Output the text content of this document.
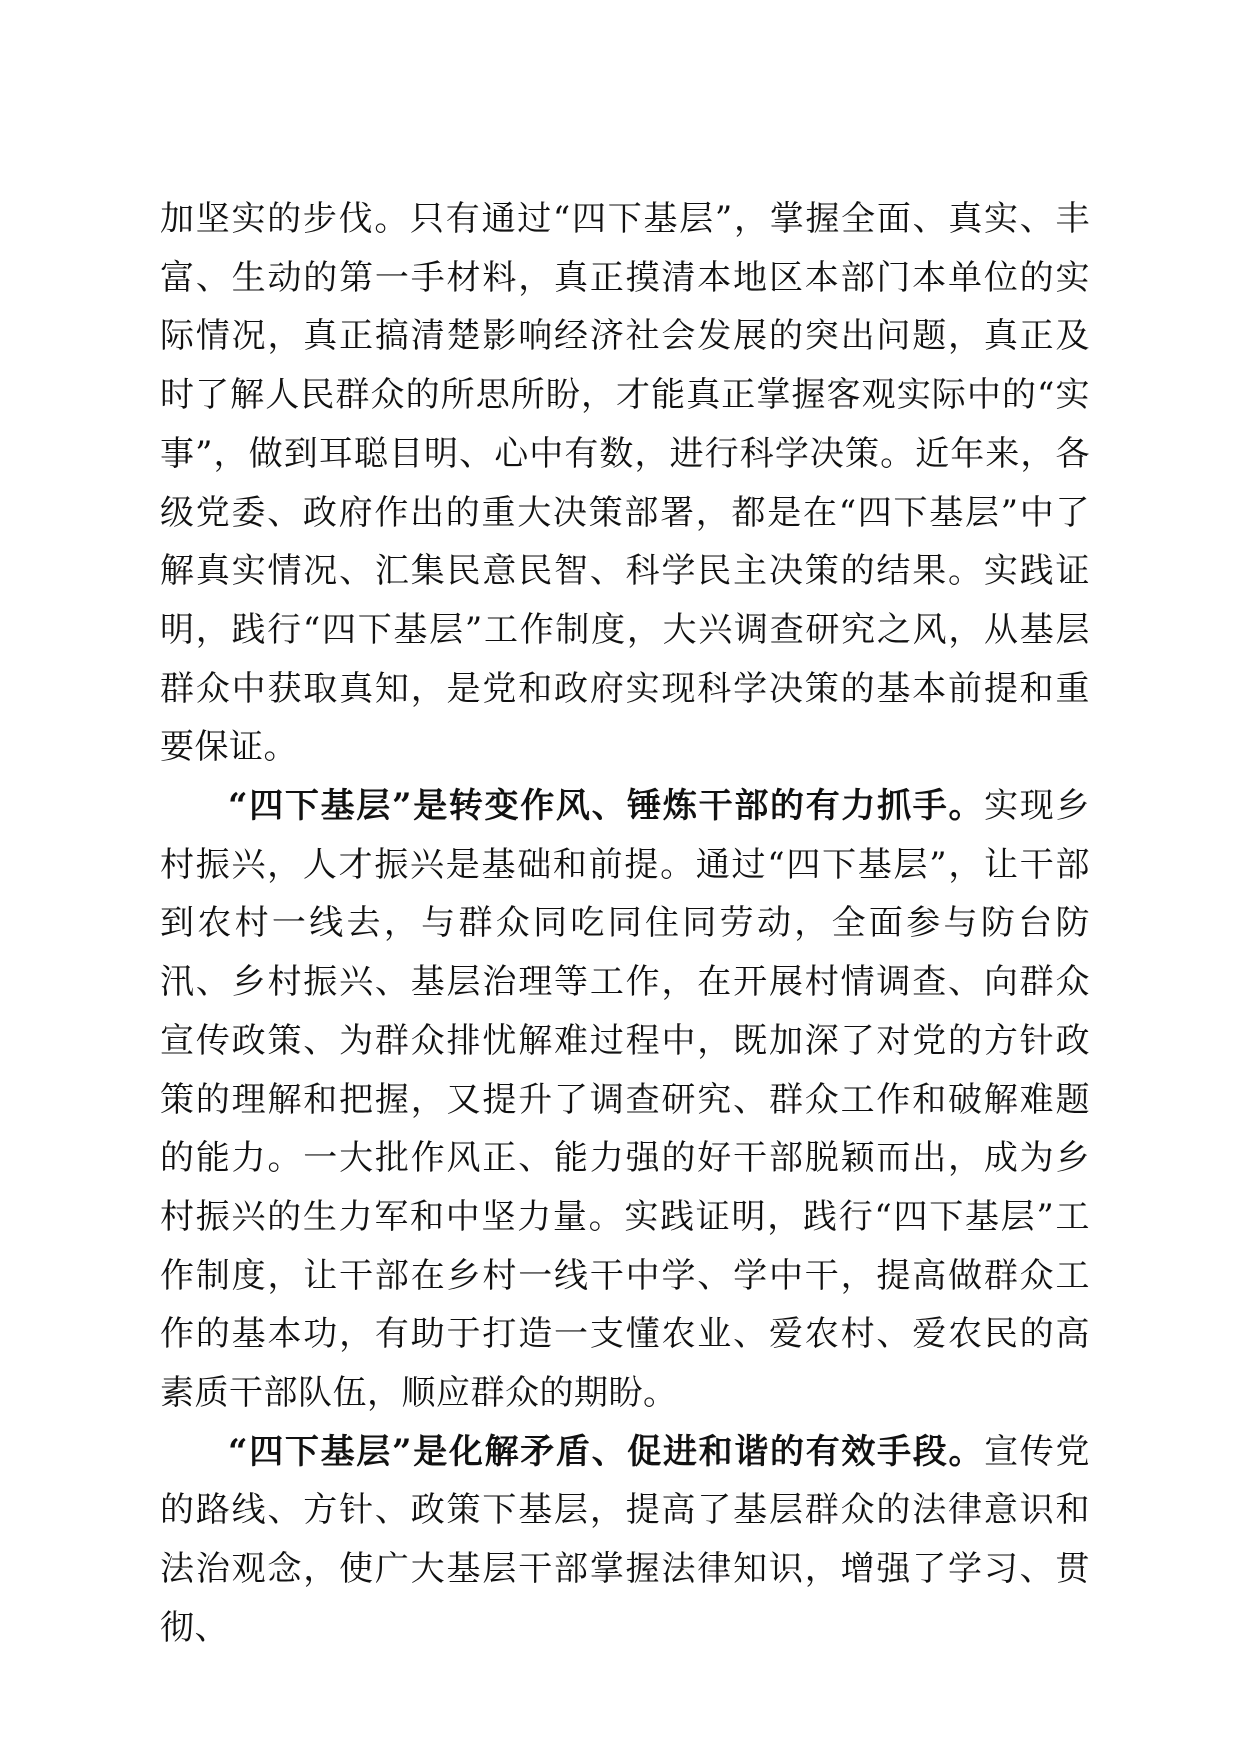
加坚实的步伐。只有通过“四下基层”，掌握全面、真实、丰富、生动的第一手材料，真正摸清本地区本部门本单位的实际情况，真正搞清楚影响经济社会发展的突出问题，真正及时了解人民群众的所思所盼，才能真正掌握客观实际中的“实事”，做到耳聪目明、心中有数，进行科学决策。近年来，各级党委、政府作出的重大决策部署，都是在“四下基层”中了解真实情况、汇集民意民智、科学民主决策的结果。实践证明，践行“四下基层”工作制度，大兴调查研究之风，从基层群众中获取真知，是党和政府实现科学决策的基本前提和重要保证。

“四下基层”是转变作风、锤炼干部的有力抓手。实现乡村振兴，人才振兴是基础和前提。通过“四下基层”，让干部到农村一线去，与群众同吃同住同劳动，全面参与防台防汛、乡村振兴、基层治理等工作，在开展村情调查、向群众宣传政策、为群众排忧解难过程中，既加深了对党的方针政策的理解和把握，又提升了调查研究、群众工作和破解难题的能力。一大批作风正、能力强的好干部脱颖而出，成为乡村振兴的生力军和中坚力量。实践证明，践行“四下基层”工作制度，让干部在乡村一线干中学、学中干，提高做群众工作的基本功，有助于打造一支懂农业、爱农村、爱农民的高素质干部队伍，顺应群众的期盼。

“四下基层”是化解矛盾、促进和谐的有效手段。宣传党的路线、方针、政策下基层，提高了基层群众的法律意识和法治观念，使广大基层干部掌握法律知识，增强了学习、贯彻、
